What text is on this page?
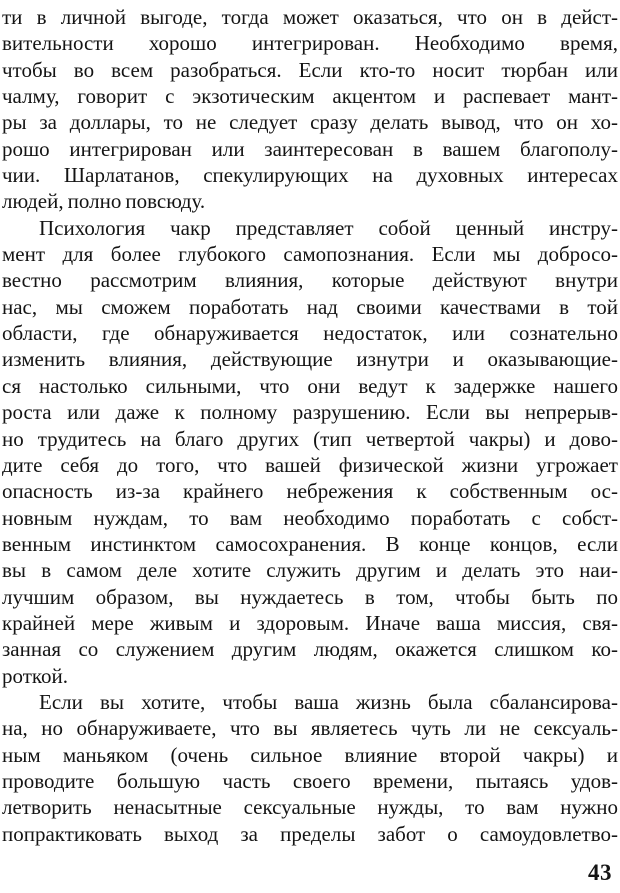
ти в личной выгоде, тогда может оказаться, что он в дейст-
вительности хорошо интегрирован. Необходимо время,
чтобы во всем разобраться. Если кто-то носит тюрбан или
чалму, говорит с экзотическим акцентом и распевает мант-
ры за доллары, то не следует сразу делать вывод, что он хо-
рошо интегрирован или заинтересован в вашем благополу-
чии. Шарлатанов, спекулирующих на духовных интересах
людей, полно повсюду.
Психология чакр представляет собой ценный инстру-
мент для более глубокого самопознания. Если мы добросо-
вестно рассмотрим влияния, которые действуют внутри
нас, мы сможем поработать над своими качествами в той
области, где обнаруживается недостаток, или сознательно
изменить влияния, действующие изнутри и оказывающие-
ся настолько сильными, что они ведут к задержке нашего
роста или даже к полному разрушению. Если вы непрерыв-
но трудитесь на благо других (тип четвертой чакры) и дово-
дите себя до того, что вашей физической жизни угрожает
опасность из-за крайнего небрежения к собственным ос-
новным нуждам, то вам необходимо поработать с собст-
венным инстинктом самосохранения. В конце концов, если
вы в самом деле хотите служить другим и делать это наи-
лучшим образом, вы нуждаетесь в том, чтобы быть по
крайней мере живым и здоровым. Иначе ваша миссия, свя-
занная со служением другим людям, окажется слишком ко-
роткой.
Если вы хотите, чтобы ваша жизнь была сбалансирова-
на, но обнаруживаете, что вы являетесь чуть ли не сексуаль-
ным маньяком (очень сильное влияние второй чакры) и
проводите большую часть своего времени, пытаясь удов-
летворить ненасытные сексуальные нужды, то вам нужно
попрактиковать выход за пределы забот о самоудовлетво-
43
